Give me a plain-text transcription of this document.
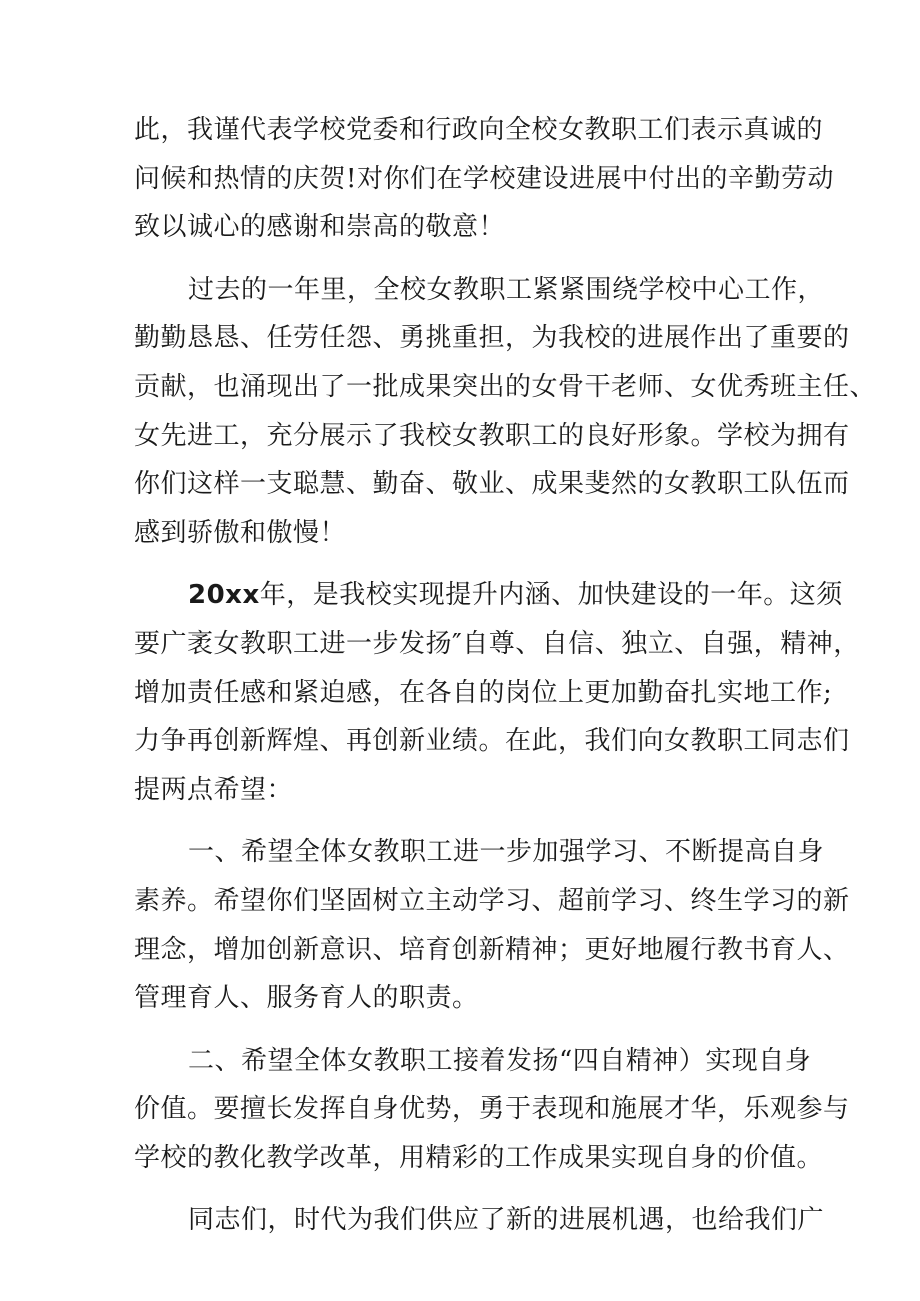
此，我谨代表学校党委和行政向全校女教职工们表示真诚的
问候和热情的庆贺!对你们在学校建设进展中付出的辛勤劳动
致以诚心的感谢和崇高的敬意！
过去的一年里，全校女教职工紧紧围绕学校中心工作，
勤勤恳恳、任劳任怨、勇挑重担，为我校的进展作出了重要的
贡献，也涌现出了一批成果突出的女骨干老师、女优秀班主任、
女先进工，充分展示了我校女教职工的良好形象。学校为拥有
你们这样一支聪慧、勤奋、敬业、成果斐然的女教职工队伍而
感到骄傲和傲慢！
20xx年，是我校实现提升内涵、加快建设的一年。这须
要广袤女教职工进一步发扬″自尊、自信、独立、自强，精神，
增加责任感和紧迫感，在各自的岗位上更加勤奋扎实地工作;
力争再创新辉煌、再创新业绩。在此，我们向女教职工同志们
提两点希望：
一、希望全体女教职工进一步加强学习、不断提高自身
素养。希望你们坚固树立主动学习、超前学习、终生学习的新
理念，增加创新意识、培育创新精神；更好地履行教书育人、
管理育人、服务育人的职责。
二、希望全体女教职工接着发扬“四自精神）实现自身
价值。要擅长发挥自身优势，勇于表现和施展才华，乐观参与
学校的教化教学改革，用精彩的工作成果实现自身的价值。
同志们，时代为我们供应了新的进展机遇，也给我们广
